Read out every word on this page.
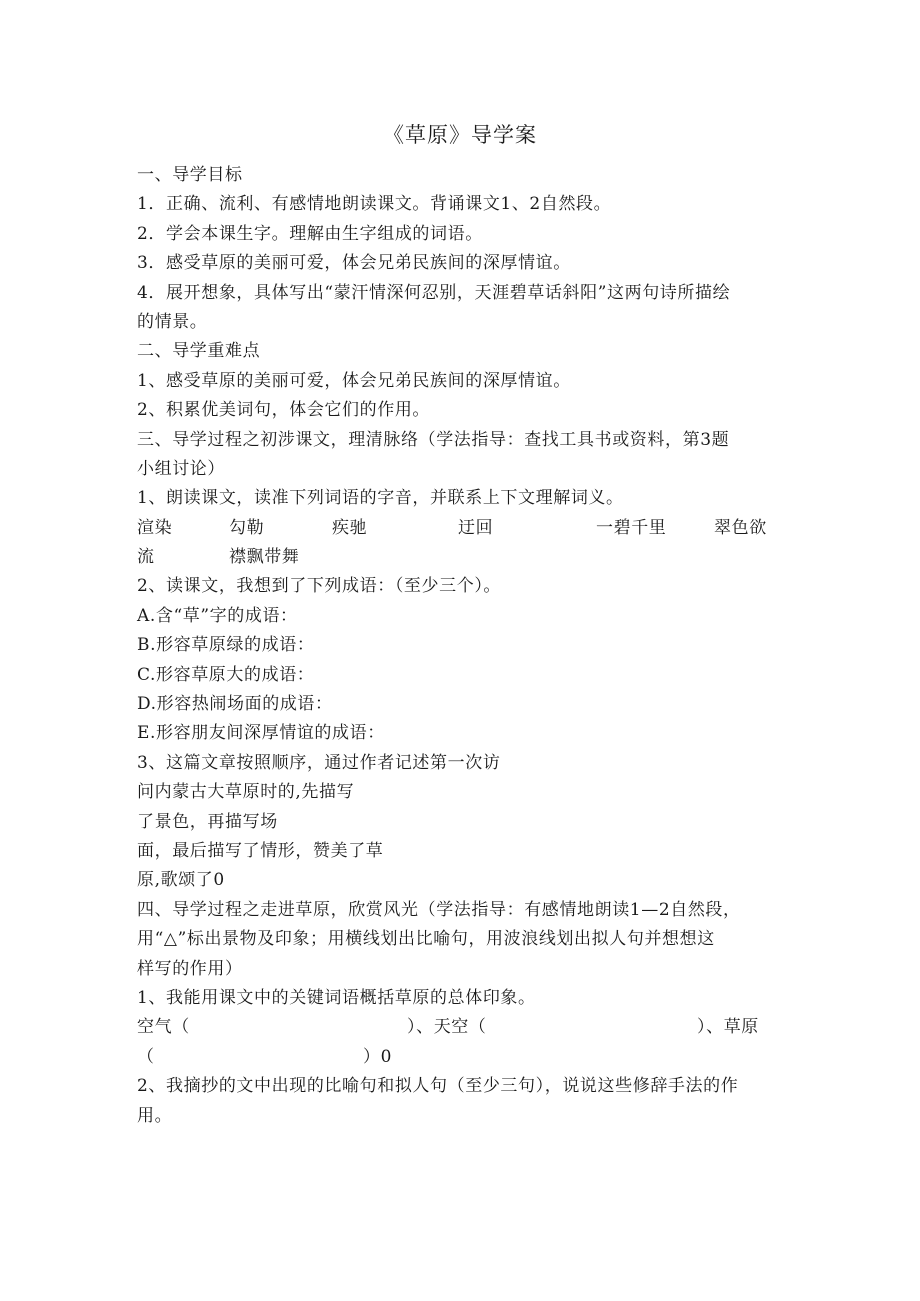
《草原》导学案
一、导学目标
1．正确、流利、有感情地朗读课文。背诵课文1、2自然段。
2．学会本课生字。理解由生字组成的词语。
3．感受草原的美丽可爱，体会兄弟民族间的深厚情谊。
4．展开想象，具体写出“蒙汗情深何忍别，天涯碧草话斜阳”这两句诗所描绘
的情景。
二、导学重难点
1、感受草原的美丽可爱，体会兄弟民族间的深厚情谊。
2、积累优美词句，体会它们的作用。
三、导学过程之初涉课文，理清脉络（学法指导：查找工具书或资料，第3题
小组讨论）
1、朗读课文，读准下列词语的字音，并联系上下文理解词义。
渲染	勾勒	疾驰	迂回	一碧千里	翠色欲
流	襟飘带舞
2、读课文，我想到了下列成语：（至少三个）。
A.含“草”字的成语：
B.形容草原绿的成语：
C.形容草原大的成语：
D.形容热闹场面的成语：
E.形容朋友间深厚情谊的成语：
3、这篇文章按照顺序，通过作者记述第一次访
问内蒙古大草原时的,先描写
了景色，再描写场
面，最后描写了情形，赞美了草
原,歌颂了0
四、导学过程之走进草原，欣赏风光（学法指导：有感情地朗读1—2自然段，
用“△”标出景物及印象；用横线划出比喻句，用波浪线划出拟人句并想想这
样写的作用）
1、我能用课文中的关键词语概括草原的总体印象。
空气（	）、天空（	）、草原
（	）0
2、我摘抄的文中出现的比喻句和拟人句（至少三句），说说这些修辞手法的作
用。
